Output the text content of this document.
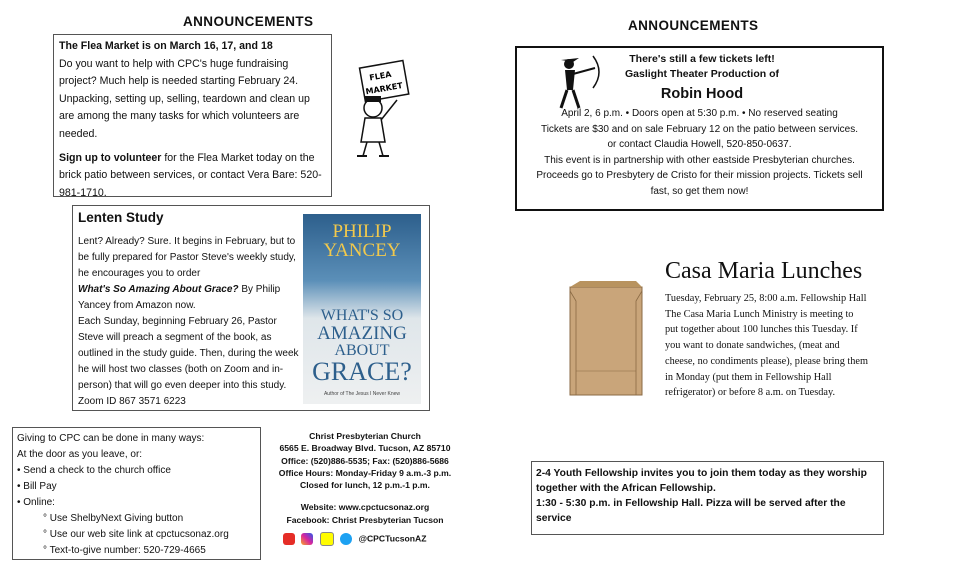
ANNOUNCEMENTS

The Flea Market is on March 16, 17, and 18

Do you want to help with CPC's huge fundraising project? Much help is needed starting February 24. Unpacking, setting up, selling, teardown and clean up are among the many tasks for which volunteers are needed.

Sign up to volunteer for the Flea Market today on the brick patio between services, or contact Vera Bare: 520-981-1710.

FLEA
MARKET
Lenten Study

Lent? Already? Sure. It begins in February, but to be fully prepared for Pastor Steve's weekly study, he encourages you to order
What's So Amazing About Grace? By Philip Yancey from Amazon now.

Each Sunday, beginning February 26, Pastor Steve will preach a segment of the book, as outlined in the study guide. Then, during the week he will host two classes (both on Zoom and in-person) that will go even deeper into this study. Zoom ID 867 3571 6223

PHILIP
YANCEY
WHAT'S SO
AMAZING
ABOUT
GRACE?
Author of The Jesus I Never Knew

Giving to CPC can be done in many ways:

At the door as you leave, or:

• Send a check to the church office

• Bill Pay

• Online:

° Use ShelbyNext Giving button

° Use our web site link at cpctucsonaz.org

° Text-to-give number: 520-729-4665

Christ Presbyterian Church
6565 E. Broadway Blvd. Tucson, AZ 85710
Office: (520)886-5535; Fax: (520)886-5686
Office Hours: Monday-Friday 9 a.m.-3 p.m.
Closed for lunch, 12 p.m.-1 p.m.
Website: www.cpctucsonaz.org
Facebook: Christ Presbyterian Tucson
@CPCTucsonAZ
ANNOUNCEMENTS
There's still a few tickets left!
Gaslight Theater Production of
Robin Hood
April 2, 6 p.m. • Doors open at 5:30 p.m. • No reserved seating
Tickets are $30 and on sale February 12 on the patio between services.
or contact Claudia Howell, 520-850-0637.
This event is in partnership with other eastside Presbyterian churches.
Proceeds go to Presbytery de Cristo for their mission projects. Tickets sell
fast, so get them now!
Casa Maria Lunches
Tuesday, February 25, 8:00 a.m. Fellowship Hall
The Casa Maria Lunch Ministry is meeting to
put together about 100 lunches this Tuesday. If
you want to donate sandwiches, (meat and
cheese, no condiments please), please bring them
in Monday (put them in Fellowship Hall
refrigerator) or before 8 a.m. on Tuesday.

2-4 Youth Fellowship invites you to join them today as they worship together with the African Fellowship.

1:30 - 5:30 p.m. in Fellowship Hall. Pizza will be served after the service
